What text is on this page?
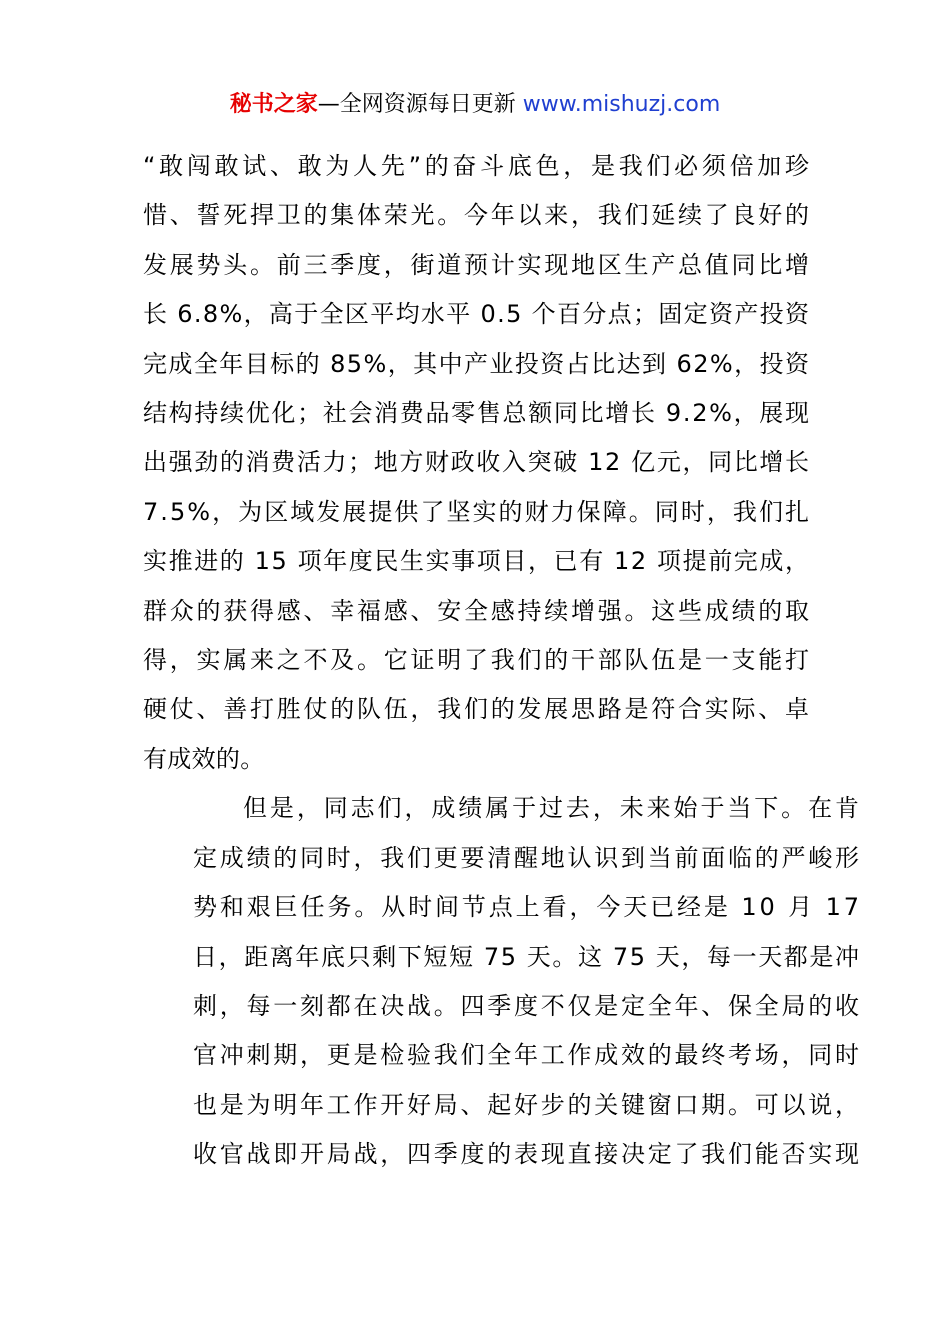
秘书之家—全网资源每日更新 www.mishuzj.com
“敢闯敢试、敢为人先”的奋斗底色，是我们必须倍加珍
惜、誓死捍卫的集体荣光。今年以来，我们延续了良好的
发展势头。前三季度，街道预计实现地区生产总值同比增
长 6.8%，高于全区平均水平 0.5 个百分点；固定资产投资
完成全年目标的 85%，其中产业投资占比达到 62%，投资
结构持续优化；社会消费品零售总额同比增长 9.2%，展现
出强劲的消费活力；地方财政收入突破 12 亿元，同比增长
7.5%，为区域发展提供了坚实的财力保障。同时，我们扎
实推进的 15 项年度民生实事项目，已有 12 项提前完成，
群众的获得感、幸福感、安全感持续增强。这些成绩的取
得，实属来之不及。它证明了我们的干部队伍是一支能打
硬仗、善打胜仗的队伍，我们的发展思路是符合实际、卓
有成效的。
但是，同志们，成绩属于过去，未来始于当下。在肯
定成绩的同时，我们更要清醒地认识到当前面临的严峻形
势和艰巨任务。从时间节点上看，今天已经是 10 月 17
日，距离年底只剩下短短 75 天。这 75 天，每一天都是冲
刺，每一刻都在决战。四季度不仅是定全年、保全局的收
官冲刺期，更是检验我们全年工作成效的最终考场，同时
也是为明年工作开好局、起好步的关键窗口期。可以说，
收官战即开局战，四季度的表现直接决定了我们能否实现
